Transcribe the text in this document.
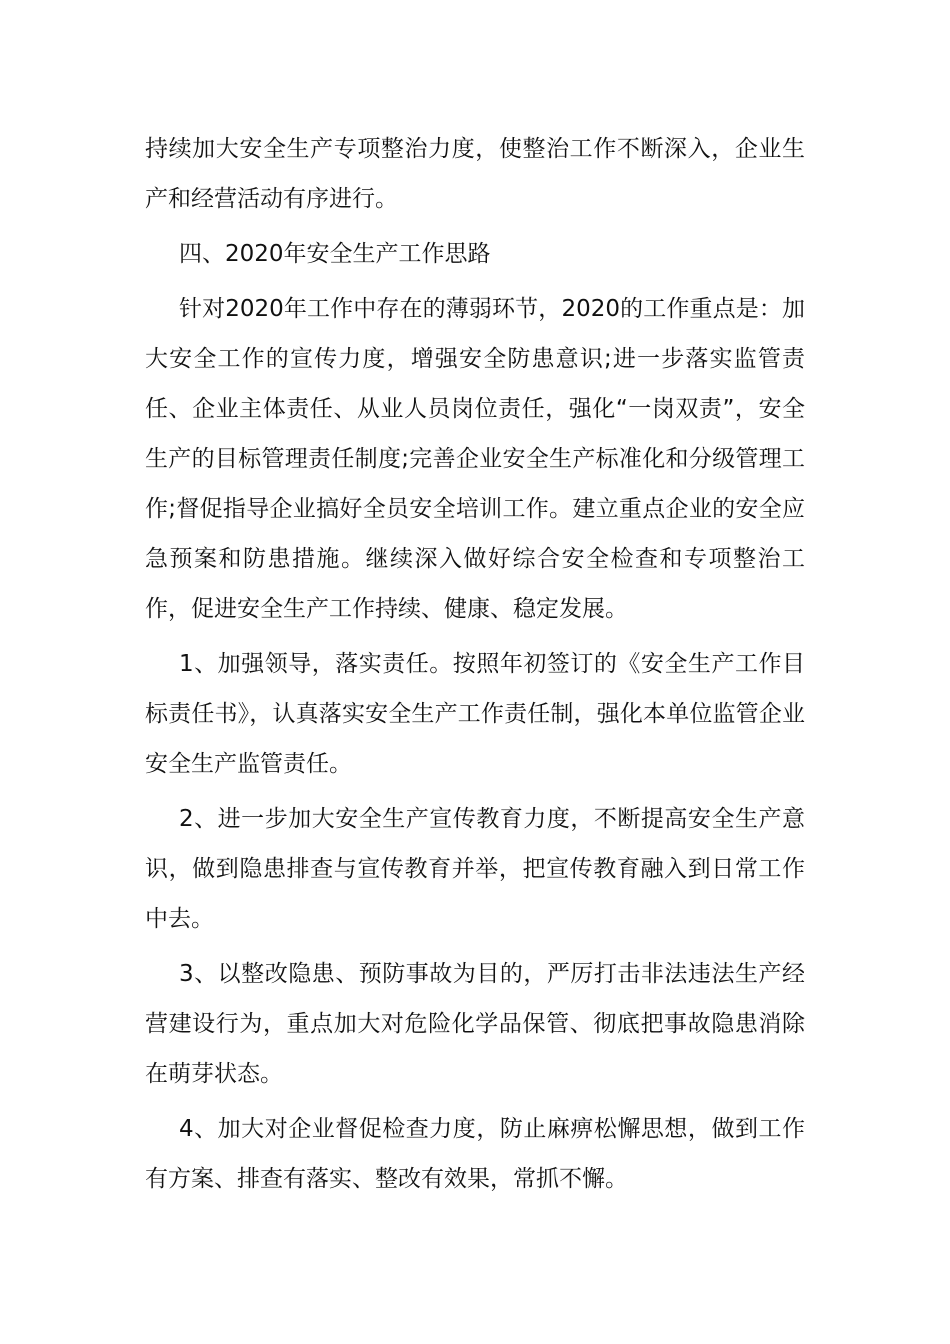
持续加大安全生产专项整治力度，使整治工作不断深入，企业生产和经营活动有序进行。

四、2020年安全生产工作思路

针对2020年工作中存在的薄弱环节，2020的工作重点是：加大安全工作的宣传力度，增强安全防患意识;进一步落实监管责任、企业主体责任、从业人员岗位责任，强化“一岗双责”，安全生产的目标管理责任制度;完善企业安全生产标准化和分级管理工作;督促指导企业搞好全员安全培训工作。建立重点企业的安全应急预案和防患措施。继续深入做好综合安全检查和专项整治工作，促进安全生产工作持续、健康、稳定发展。

1、加强领导，落实责任。按照年初签订的《安全生产工作目标责任书》，认真落实安全生产工作责任制，强化本单位监管企业安全生产监管责任。

2、进一步加大安全生产宣传教育力度，不断提高安全生产意识，做到隐患排查与宣传教育并举，把宣传教育融入到日常工作中去。

3、以整改隐患、预防事故为目的，严厉打击非法违法生产经营建设行为，重点加大对危险化学品保管、彻底把事故隐患消除在萌芽状态。

4、加大对企业督促检查力度，防止麻痹松懈思想，做到工作有方案、排查有落实、整改有效果，常抓不懈。
